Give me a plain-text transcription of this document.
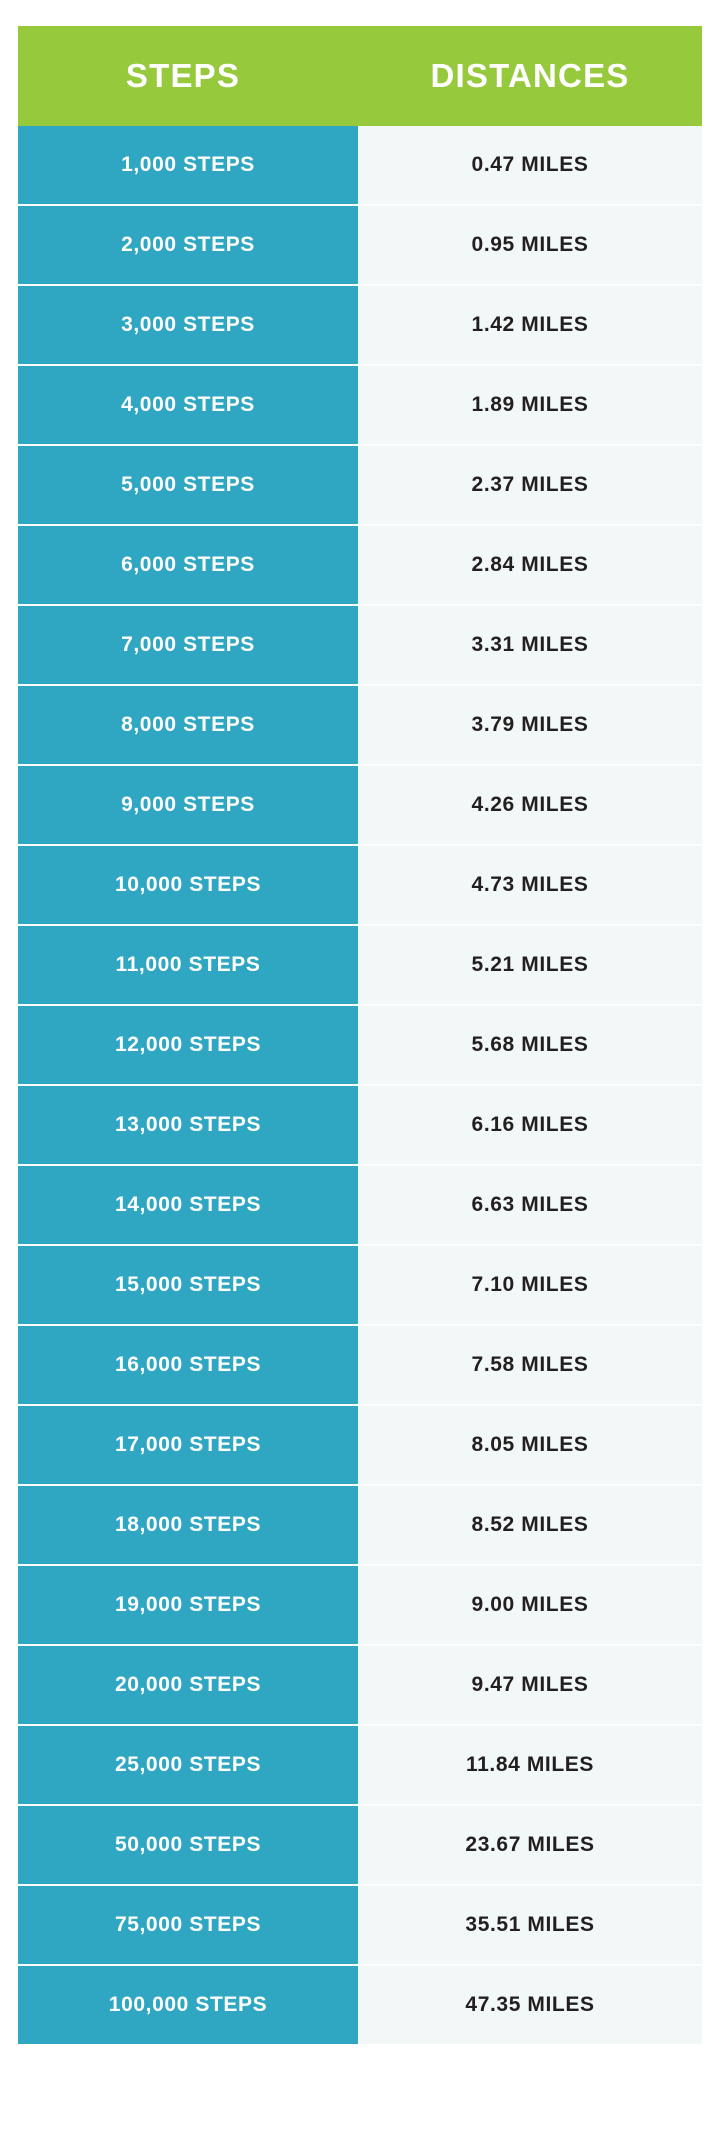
STEPS	DISTANCES
1,000 STEPS	0.47 MILES
2,000 STEPS	0.95 MILES
3,000 STEPS	1.42 MILES
4,000 STEPS	1.89 MILES
5,000 STEPS	2.37 MILES
6,000 STEPS	2.84 MILES
7,000 STEPS	3.31 MILES
8,000 STEPS	3.79 MILES
9,000 STEPS	4.26 MILES
10,000 STEPS	4.73 MILES
11,000 STEPS	5.21 MILES
12,000 STEPS	5.68 MILES
13,000 STEPS	6.16 MILES
14,000 STEPS	6.63 MILES
15,000 STEPS	7.10 MILES
16,000 STEPS	7.58 MILES
17,000 STEPS	8.05 MILES
18,000 STEPS	8.52 MILES
19,000 STEPS	9.00 MILES
20,000 STEPS	9.47 MILES
25,000 STEPS	11.84 MILES
50,000 STEPS	23.67 MILES
75,000 STEPS	35.51 MILES
100,000 STEPS	47.35 MILES
